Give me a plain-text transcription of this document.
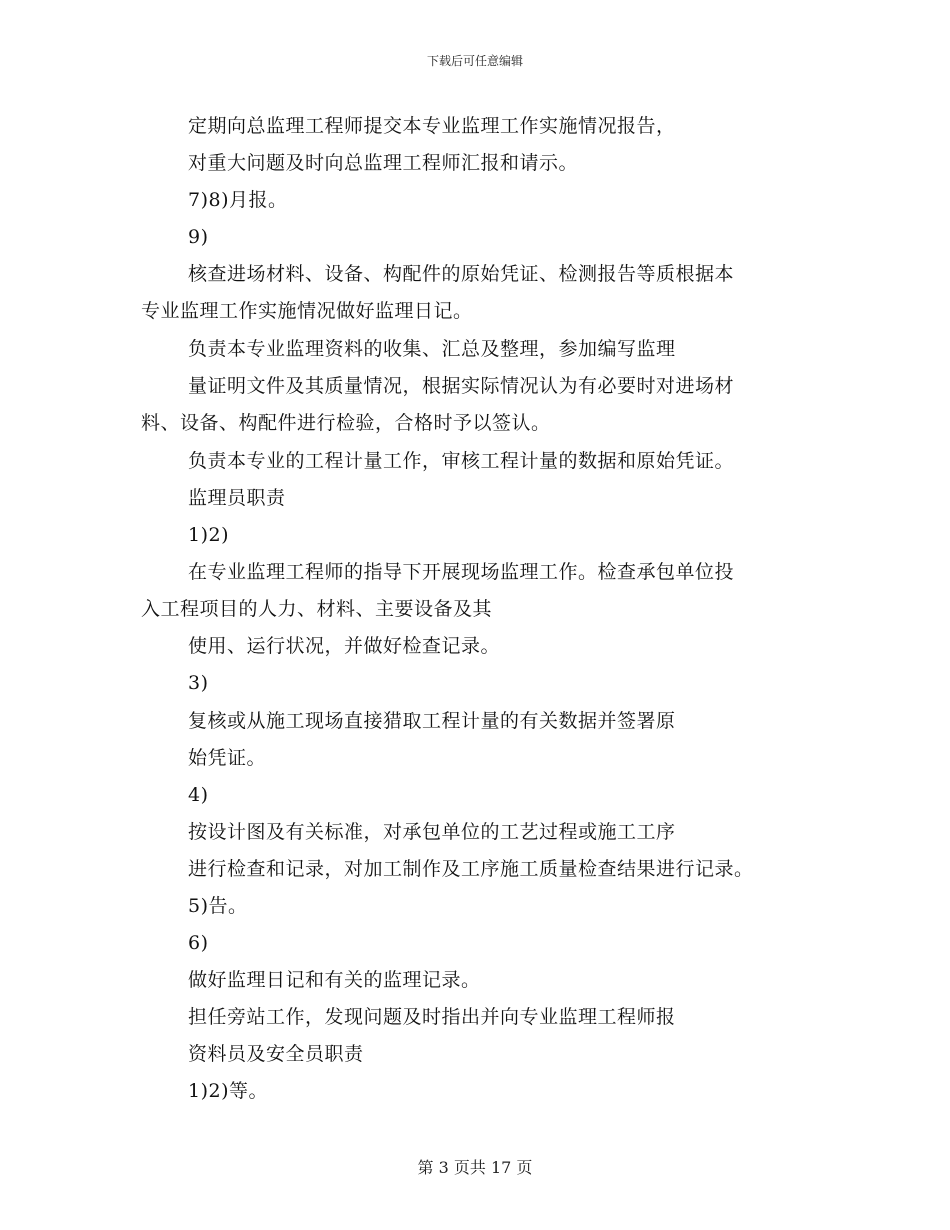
下载后可任意编辑
定期向总监理工程师提交本专业监理工作实施情况报告，
对重大问题及时向总监理工程师汇报和请示。
7)8)月报。
9)
核查进场材料、设备、构配件的原始凭证、检测报告等质根据本
专业监理工作实施情况做好监理日记。
负责本专业监理资料的收集、汇总及整理，参加编写监理
量证明文件及其质量情况，根据实际情况认为有必要时对进场材
料、设备、构配件进行检验，合格时予以签认。
负责本专业的工程计量工作，审核工程计量的数据和原始凭证。
监理员职责
1)2)
在专业监理工程师的指导下开展现场监理工作。检查承包单位投
入工程项目的人力、材料、主要设备及其
使用、运行状况，并做好检查记录。
3)
复核或从施工现场直接猎取工程计量的有关数据并签署原
始凭证。
4)
按设计图及有关标准，对承包单位的工艺过程或施工工序
进行检查和记录，对加工制作及工序施工质量检查结果进行记录。
5)告。
6)
做好监理日记和有关的监理记录。
担任旁站工作，发现问题及时指出并向专业监理工程师报
资料员及安全员职责
1)2)等。
第 3 页共 17 页
